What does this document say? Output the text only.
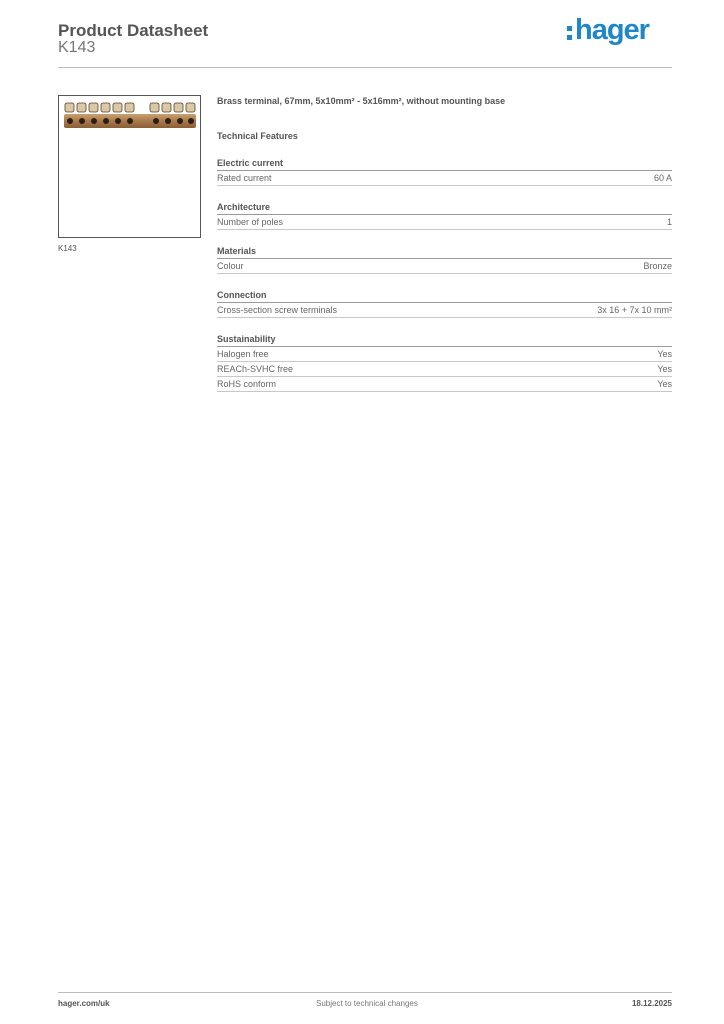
Product Datasheet
K143
hager
K143
Brass terminal, 67mm, 5x10mm² - 5x16mm², without mounting base
Technical Features
Electric current
Rated current	60 A
Architecture
Number of poles	1
Materials
Colour	Bronze
Connection
Cross-section screw terminals	3x 16 + 7x 10 mm²
Sustainability
Halogen free	Yes
REACh-SVHC free	Yes
RoHS conform	Yes
hager.com/uk	Subject to technical changes	18.12.2025
